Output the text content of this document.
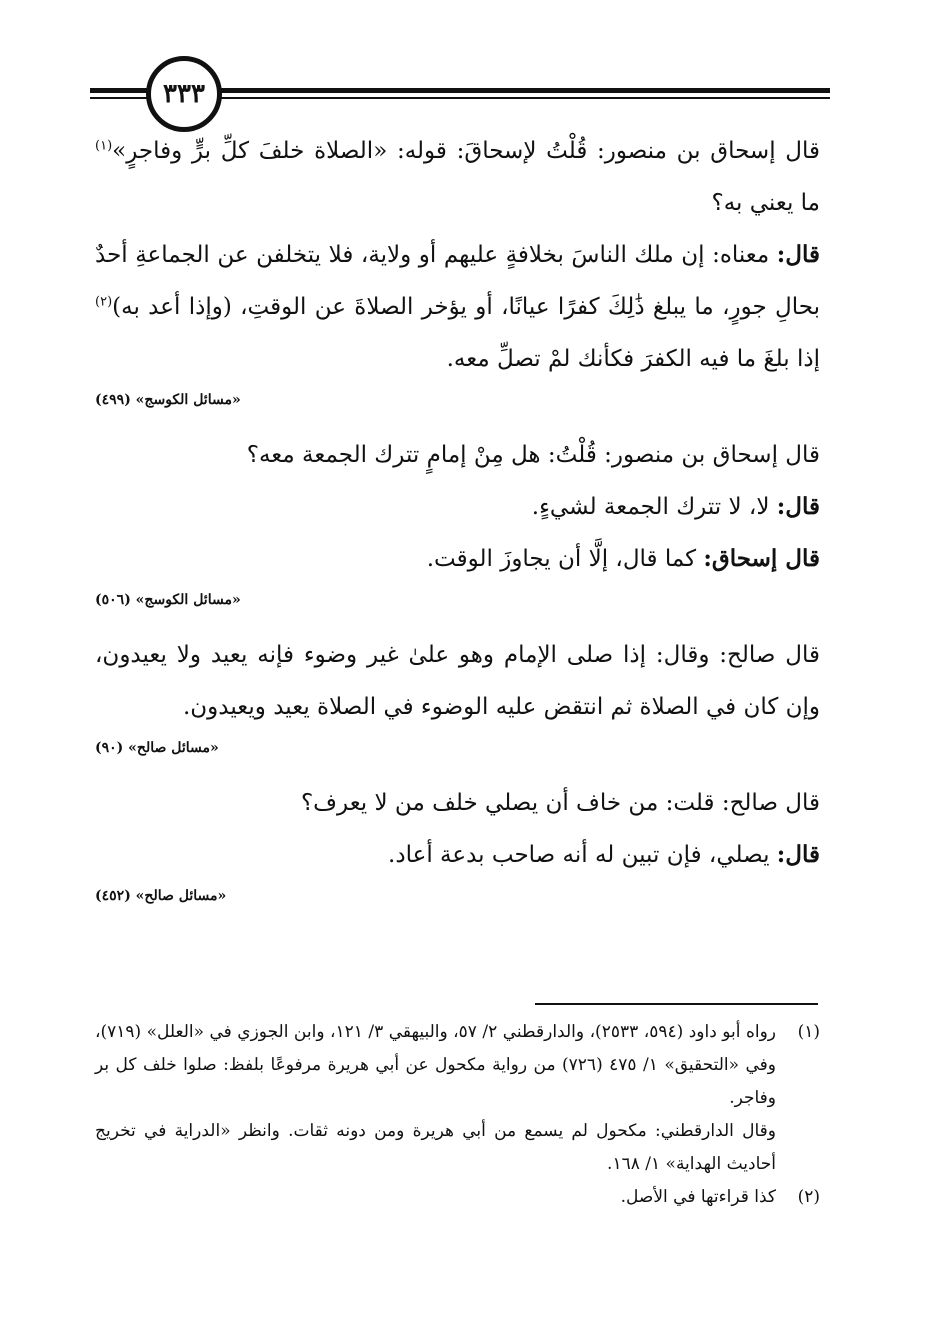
٣٣٣

قال إسحاق بن منصور: قُلْتُ لإسحاقَ: قوله: «الصلاة خلفَ كلِّ برٍّ وفاجرٍ»$^{(١)}$ ما يعني به؟

قال: معناه: إن ملك الناسَ بخلافةٍ عليهم أو ولاية، فلا يتخلفن عن الجماعةِ أحدٌ بحالِ جورٍ، ما يبلغ ذَٰلِكَ كفرًا عيانًا، أو يؤخر الصلاةَ عن الوقتِ، (وإذا أعد به)$^{(٢)}$ إذا بلغَ ما فيه الكفرَ فكأنك لمْ تصلِّ معه.

«مسائل الكوسج» (٤٩٩)

قال إسحاق بن منصور: قُلْتُ: هل مِنْ إمامٍ تترك الجمعة معه؟

قال: لا، لا تترك الجمعة لشيءٍ.

قال إسحاق: كما قال، إلَّا أن يجاوزَ الوقت.

«مسائل الكوسج» (٥٠٦)

قال صالح: وقال: إذا صلى الإمام وهو علىٰ غير وضوء فإنه يعيد ولا يعيدون، وإن كان في الصلاة ثم انتقض عليه الوضوء في الصلاة يعيد ويعيدون.

«مسائل صالح» (٩٠)

قال صالح: قلت: من خاف أن يصلي خلف من لا يعرف؟

قال: يصلي، فإن تبين له أنه صاحب بدعة أعاد.

«مسائل صالح» (٤٥٢)
(١)

رواه أبو داود (٥٩٤، ٢٥٣٣)، والدارقطني ٢/ ٥٧، والبيهقي ٣/ ١٢١، وابن الجوزي في «العلل» (٧١٩)، وفي «التحقيق» ١/ ٤٧٥ (٧٢٦) من رواية مكحول عن أبي هريرة مرفوعًا بلفظ: صلوا خلف كل بر وفاجر.

وقال الدارقطني: مكحول لم يسمع من أبي هريرة ومن دونه ثقات. وانظر «الدراية في تخريج أحاديث الهداية» ١/ ١٦٨.

(٢)

كذا قراءتها في الأصل.
